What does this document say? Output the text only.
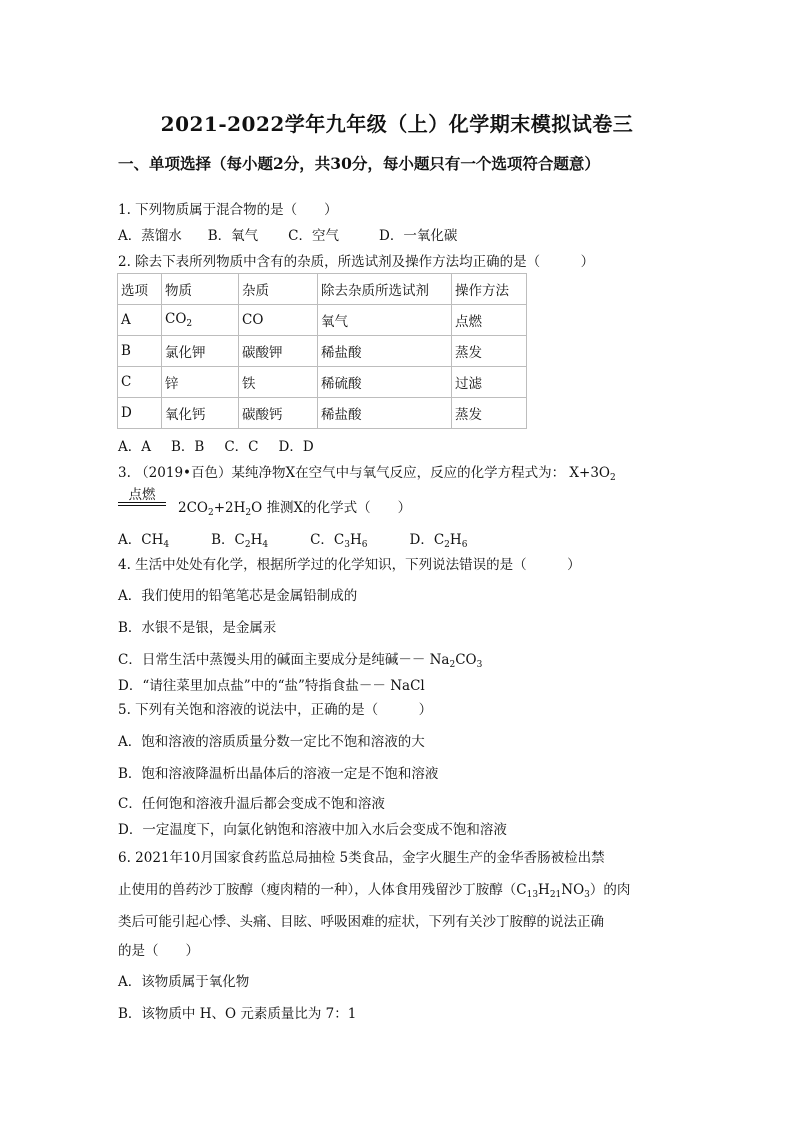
2021-2022学年九年级（上）化学期末模拟试卷三
一、单项选择（每小题2分，共30分，每小题只有一个选项符合题意）
1. 下列物质属于混合物的是（　　）
A．蒸馏水 B．氧气 C．空气	D．一氧化碳
2. 除去下表所列物质中含有的杂质，所选试剂及操作方法均正确的是（　　　）
选项	物质	杂质	除去杂质所选试剂	操作方法
A	$CO_2$	CO	氧气	点燃
B	氯化钾	碳酸钾	稀盐酸	蒸发
C	锌	铁	稀硫酸	过滤
D	氧化钙	碳酸钙	稀盐酸	蒸发
A．A B．B C．C D．D
3. （2019•百色）某纯净物X在空气中与氧气反应，反应的化学方程式为： $X+3O_2$
点燃
$2CO_2+2H_2O$ 推测X的化学式（　　）
A．$CH_4$	B．$C_2H_4$	C．$C_3H_6$	D．$C_2H_6$
4. 生活中处处有化学，根据所学过的化学知识，下列说法错误的是（　　　）
A．我们使用的铅笔笔芯是金属铅制成的
B．水银不是银，是金属汞
C．日常生活中蒸馒头用的碱面主要成分是纯碱－－ $Na_2CO_3$
D．“请往菜里加点盐”中的“盐”特指食盐－－ NaCl
5. 下列有关饱和溶液的说法中，正确的是（　　　）
A．饱和溶液的溶质质量分数一定比不饱和溶液的大
B．饱和溶液降温析出晶体后的溶液一定是不饱和溶液
C．任何饱和溶液升温后都会变成不饱和溶液
D．一定温度下，向氯化钠饱和溶液中加入水后会变成不饱和溶液
6. 2021年10月国家食药监总局抽检 5类食品，金字火腿生产的金华香肠被检出禁
止使用的兽药沙丁胺醇（瘦肉精的一种），人体食用残留沙丁胺醇$(C_{13}H_{21}NO_3)$的肉
类后可能引起心悸、头痛、目眩、呼吸困难的症状，下列有关沙丁胺醇的说法正确
的是（　　）
A．该物质属于氧化物
B．该物质中 H、O 元素质量比为 7：1
